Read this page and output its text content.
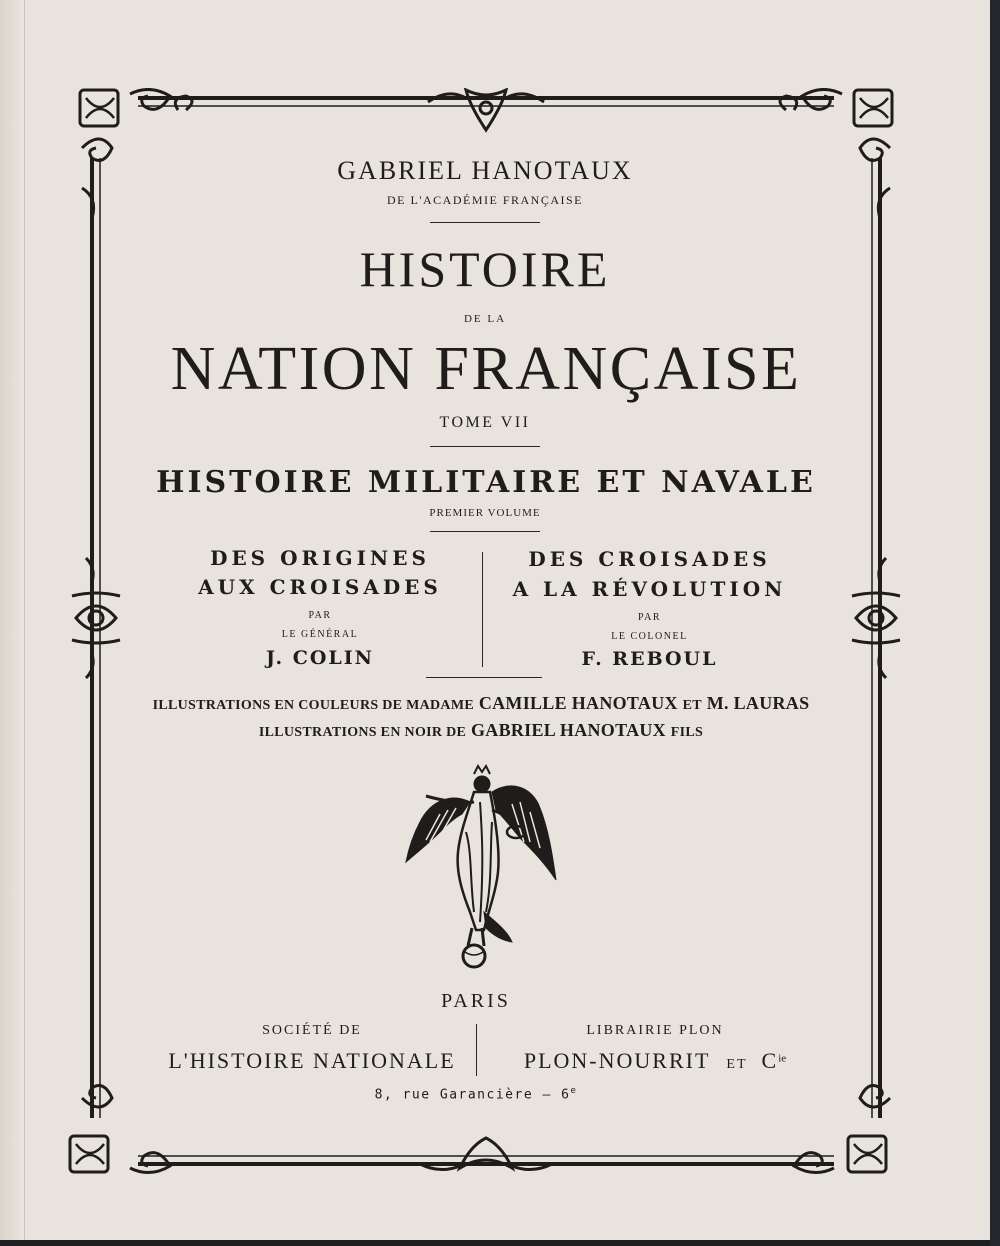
GABRIEL HANOTAUX
DE L'ACADÉMIE FRANÇAISE
HISTOIRE
DE LA
NATION FRANÇAISE
TOME VII
HISTOIRE MILITAIRE ET NAVALE
PREMIER VOLUME
DES ORIGINES
AUX CROISADES
PAR
LE GÉNÉRAL
J. COLIN
DES CROISADES
A LA RÉVOLUTION
PAR
LE COLONEL
F. REBOUL
ILLUSTRATIONS EN COULEURS DE MADAME CAMILLE HANOTAUX ET M. LAURAS
ILLUSTRATIONS EN NOIR DE GABRIEL HANOTAUX FILS
PARIS
SOCIÉTÉ DE
L'HISTOIRE NATIONALE
LIBRAIRIE PLON
PLON-NOURRIT ET $C^{ie}$
8, rue Garancière — 6e
